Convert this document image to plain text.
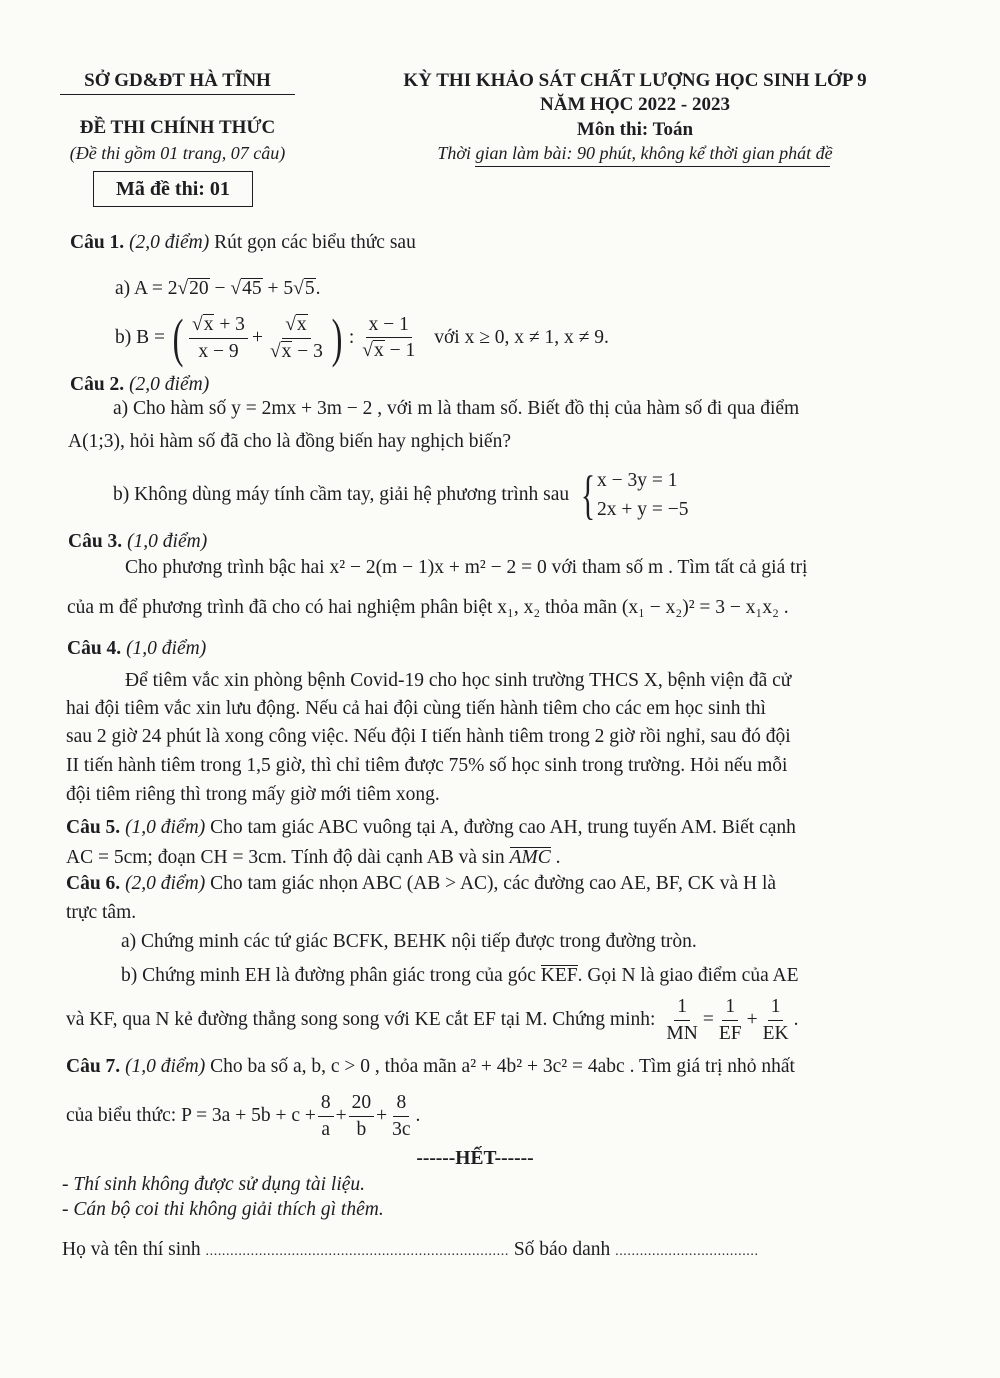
SỞ GD&ĐT HÀ TĨNH	KỲ THI KHẢO SÁT CHẤT LƯỢNG HỌC SINH LỚP 9
NĂM HỌC 2022 - 2023
ĐỀ THI CHÍNH THỨC	Môn thi: Toán
(Đề thi gồm 01 trang, 07 câu)	Thời gian làm bài: 90 phút, không kể thời gian phát đề
Mã đề thi: 01
Câu 1. (2,0 điểm) Rút gọn các biểu thức sau
a) A = 2√20 − √45 + 5√5.
b) B = ( $\frac{√x + 3}{x - 9} + \frac{√x}{√x - 3}$ ) : $\frac{x - 1}{√x - 1}$ với x ≥ 0, x ≠ 1, x ≠ 9.
Câu 2. (2,0 điểm)
a) Cho hàm số y = 2mx + 3m − 2 , với m là tham số. Biết đồ thị của hàm số đi qua điểm
A(1;3), hỏi hàm số đã cho là đồng biến hay nghịch biến?
b) Không dùng máy tính cầm tay, giải hệ phương trình sau { x − 3y = 1
2x + y = −5
Câu 3. (1,0 điểm)
Cho phương trình bậc hai x² − 2(m − 1)x + m² − 2 = 0 với tham số m . Tìm tất cả giá trị
của m để phương trình đã cho có hai nghiệm phân biệt x₁, x₂ thỏa mãn (x₁ − x₂)² = 3 − x₁x₂ .
Câu 4. (1,0 điểm)
Để tiêm vắc xin phòng bệnh Covid-19 cho học sinh trường THCS X, bệnh viện đã cử
hai đội tiêm vắc xin lưu động. Nếu cả hai đội cùng tiến hành tiêm cho các em học sinh thì
sau 2 giờ 24 phút là xong công việc. Nếu đội I tiến hành tiêm trong 2 giờ rồi nghỉ, sau đó đội
II tiến hành tiêm trong 1,5 giờ, thì chỉ tiêm được 75% số học sinh trong trường. Hỏi nếu mỗi
đội tiêm riêng thì trong mấy giờ mới tiêm xong.
Câu 5. (1,0 điểm) Cho tam giác ABC vuông tại A, đường cao AH, trung tuyến AM. Biết cạnh
AC = 5cm; đoạn CH = 3cm. Tính độ dài cạnh AB và sin AMC .
Câu 6. (2,0 điểm) Cho tam giác nhọn ABC (AB > AC), các đường cao AE, BF, CK và H là
trực tâm.
a) Chứng minh các tứ giác BCFK, BEHK nội tiếp được trong đường tròn.
b) Chứng minh EH là đường phân giác trong của góc KEF. Gọi N là giao điểm của AE
và KF, qua N kẻ đường thẳng song song với KE cắt EF tại M. Chứng minh: $\frac{1}{MN} = \frac{1}{EF} + \frac{1}{EK}$ .
Câu 7. (1,0 điểm) Cho ba số a, b, c > 0 , thỏa mãn a² + 4b² + 3c² = 4abc . Tìm giá trị nhỏ nhất
của biểu thức: $P = 3a + 5b + c + \frac{8}{a} + \frac{20}{b} + \frac{8}{3c}$ .
------HẾT------
- Thí sinh không được sử dụng tài liệu.
- Cán bộ coi thi không giải thích gì thêm.
Họ và tên thí sinh .......................................................................... Số báo danh ...................................
